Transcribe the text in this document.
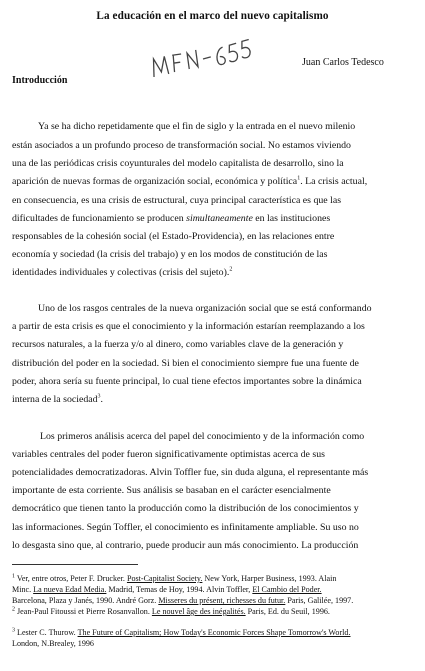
La educación en el marco del nuevo capitalismo
Juan Carlos Tedesco
Introducción
Ya se ha dicho repetidamente que el fin de siglo y la entrada en el nuevo milenio
están asociados a un profundo proceso de transformación social. No estamos viviendo
una de las periódicas crisis coyunturales del modelo capitalista de desarrollo, sino la
aparición de nuevas formas de organización social, económica y política$^1$. La crisis actual,
en consecuencia, es una crisis de estructural, cuya principal característica es que las
dificultades de funcionamiento se producen simultaneamente en las instituciones
responsables de la cohesión social (el Estado-Providencia), en las relaciones entre
economía y sociedad (la crisis del trabajo) y en los modos de constitución de las
identidades individuales y colectivas (crisis del sujeto).$^2$
Uno de los rasgos centrales de la nueva organización social que se está conformando
a partir de esta crisis es que el conocimiento y la información estarían reemplazando a los
recursos naturales, a la fuerza y/o al dinero, como variables clave de la generación y
distribución del poder en la sociedad. Si bien el conocimiento siempre fue una fuente de
poder, ahora sería su fuente principal, lo cual tiene efectos importantes sobre la dinámica
interna de la sociedad$^3$.
Los primeros análisis acerca del papel del conocimiento y de la información como
variables centrales del poder fueron significativamente optimistas acerca de sus
potencialidades democratizadoras. Alvin Toffler fue, sin duda alguna, el representante más
importante de esta corriente. Sus análisis se basaban en el carácter esencialmente
democrático que tienen tanto la producción como la distribución de los conocimientos y
las informaciones. Según Toffler, el conocimiento es infinitamente ampliable. Su uso no
lo desgasta sino que, al contrario, puede producir aun más conocimiento. La producción
$^1$ Ver, entre otros, Peter F. Drucker. Post-Capitalist Society. New York, Harper Business, 1993. Alain
Minc. La nueva Edad Media. Madrid, Temas de Hoy, 1994. Alvin Toffler, El Cambio del Poder.
Barcelona, Plaza y Janés, 1990. André Gorz. Misseres du présent, richesses du futur. Paris, Galilée, 1997.
$^2$ Jean-Paul Fitoussi et Pierre Rosanvallon. Le nouvel âge des inégalités. Paris, Ed. du Seuil, 1996.
$^3$ Lester C. Thurow. The Future of Capitalism; How Today's Economic Forces Shape Tomorrow's World.
London, N.Brealey, 1996
